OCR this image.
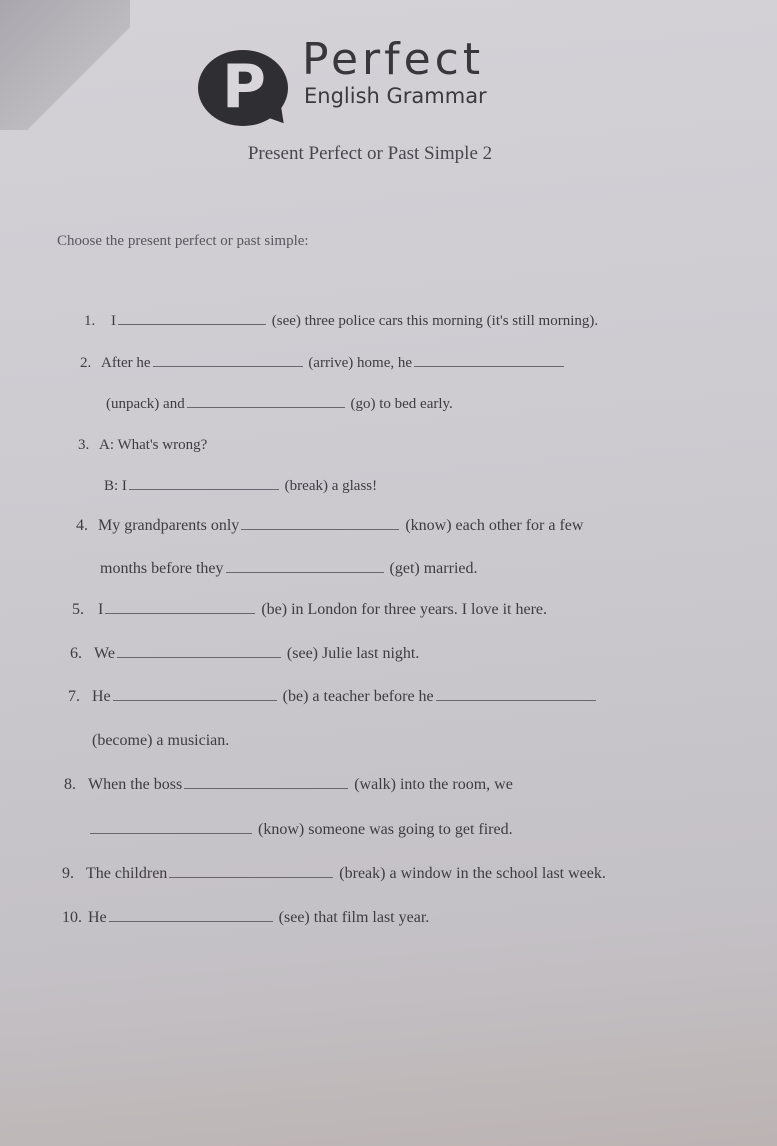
P Perfect
English Grammar
Present Perfect or Past Simple 2
Choose the present perfect or past simple:
1. I	(see) three police cars this morning (it's still morning).
2. After he	(arrive) home, he
(unpack) and	(go) to bed early.
3. A: What's wrong?
B: I	(break) a glass!
4. My grandparents only	(know) each other for a few
months before they	(get) married.
5. I	(be) in London for three years. I love it here.
6. We	(see) Julie last night.
7. He	(be) a teacher before he
(become) a musician.
8. When the boss	(walk) into the room, we
(know) someone was going to get fired.
9. The children	(break) a window in the school last week.
10. He	(see) that film last year.
